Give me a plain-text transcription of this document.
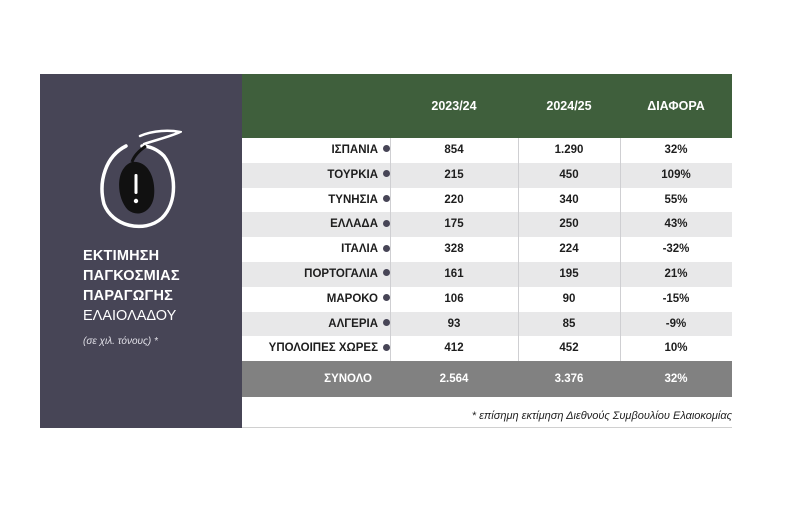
ΕΚΤΙΜΗΣΗ
ΠΑΓΚΟΣΜΙΑΣ
ΠΑΡΑΓΩΓΗΣ
ΕΛΑΙΟΛΑΔΟΥ
(σε χιλ. τόνους) *
2023/24	2024/25	ΔΙΑΦΟΡΑ
* επίσημη εκτίμηση Διεθνούς Συμβουλίου Ελαιοκομίας
ΙΣΠΑΝΙΑ	854	1.290	32%
ΤΟΥΡΚΙΑ	215	450	109%
ΤΥΝΗΣΙΑ	220	340	55%
ΕΛΛΑΔΑ	175	250	43%
ΙΤΑΛΙΑ	328	224	-32%
ΠΟΡΤΟΓΑΛΙΑ	161	195	21%
ΜΑΡΟΚΟ	106	90	-15%
ΑΛΓΕΡΙΑ	93	85	-9%
ΥΠΟΛΟΙΠΕΣ ΧΩΡΕΣ	412	452	10%
ΣΥΝΟΛΟ	2.564	3.376	32%
